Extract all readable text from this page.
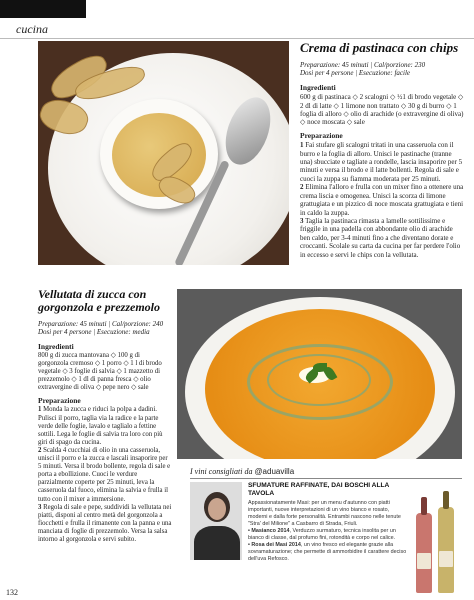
cucina
Crema di pastinaca con chips
Preparazione: 45 minuti | Cal/porzione: 230
Dosi per 4 persone | Esecuzione: facile
Ingredienti

600 g di pastinaca ◇ 2 scalogni ◇ ½1 di brodo vegetale ◇ 2 dl di latte ◇ 1 limone non trattato ◇ 30 g di burro ◇ 1 foglia di alloro ◇ olio di arachide (o extravergine di oliva) ◇ noce moscata ◇ sale

Preparazione

1 Fai stufare gli scalogni tritati in una casseruola con il burro e la foglia di alloro. Unisci le pastinache (tranne una) sbucciate e tagliate a rondelle, lascia insaporire per 5 minuti e versa il brodo e il latte bollenti. Regola di sale e cuoci la zuppa su fiamma moderata per 25 minuti.

2 Elimina l'alloro e frulla con un mixer fino a ottenere una crema liscia e omogenea. Unisci la scorza di limone grattugiata e un pizzico di noce moscata grattugiata e tieni in caldo la zuppa.

3 Taglia la pastinaca rimasta a lamelle sottilissime e friggile in una padella con abbondante olio di arachide ben caldo, per 3-4 minuti fino a che diventano dorate e croccanti. Scolale su carta da cucina per far perdere l'olio in eccesso e servi le chips con la vellutata.

Vellutata di zucca con gorgonzola e prezzemolo
Preparazione: 45 minuti | Cal/porzione: 240
Dosi per 4 persone | Esecuzione: media
Ingredienti

800 g di zucca mantovana ◇ 100 g di gorgonzola cremoso ◇ 1 porro ◇ 1 l di brodo vegetale ◇ 3 foglie di salvia ◇ 1 mazzetto di prezzemolo ◇ 1 dl di panna fresca ◇ olio extravergine di oliva ◇ pepe nero ◇ sale

Preparazione

1 Monda la zucca e riduci la polpa a dadini. Pulisci il porro, taglia via la radice e la parte verde delle foglie, lavalo e taglialo a fettine sottili. Lega le foglie di salvia tra loro con più giri di spago da cucina.

2 Scalda 4 cucchiai di olio in una casseruola, unisci il porro e la zucca e lascali insaporire per 5 minuti. Versa il brodo bollente, regola di sale e porta a ebollizione. Cuoci le verdure parzialmente coperte per 25 minuti, leva la casseruola dal fuoco, elimina la salvia e frulla il tutto con il mixer a immersione.

3 Regola di sale e pepe, suddividi la vellutata nei piatti, disponi al centro metà del gorgonzola a fiocchetti e frulla il rimanente con la panna e una manciata di foglie di prezzemolo. Versa la salsa intorno al gorgonzola e servi subito.

I vini consigliati da @aduavilla
SFUMATURE RAFFINATE, DAI BOSCHI ALLA TAVOLA
Appassionatamente Masi: per un menu d'autunno con piatti importanti, nuove interpretazioni di un vino bianco e rosato, moderni e dalla forte personalità. Entrambi nascono nelle tenute "Stra' del Milione" a Casbarro di Strada, Friuli.
• Masianco 2014, Verduzzo surmaturo, tecnica insolita per un bianco di classe, dal profumo fini, rotondità e corpo nel calice.
• Rosa dei Masi 2014, un vino fresco ed elegante grazie alla sovramaturazione; che permette di ammorbidire il carattere deciso dell'uva Refosco.
132
